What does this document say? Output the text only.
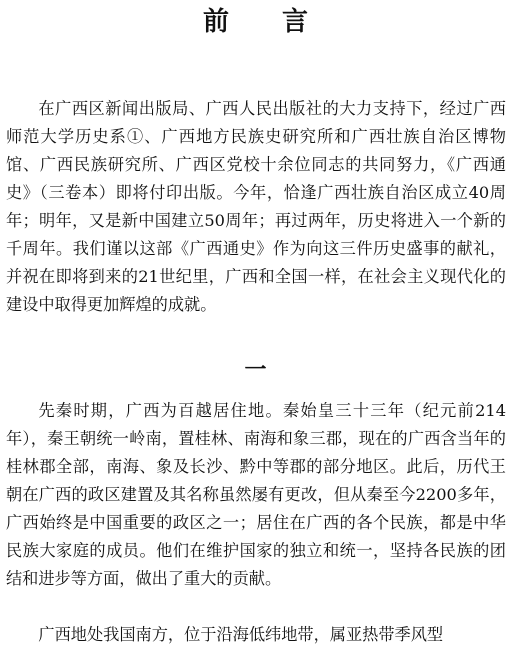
前 言

在广西区新闻出版局、广西人民出版社的大力支持下，经过广西师范大学历史系①、广西地方民族史研究所和广西壮族自治区博物馆、广西民族研究所、广西区党校十余位同志的共同努力，《广西通史》（三卷本）即将付印出版。今年，恰逢广西壮族自治区成立40周年；明年，又是新中国建立50周年；再过两年，历史将进入一个新的千周年。我们谨以这部《广西通史》作为向这三件历史盛事的献礼，并祝在即将到来的21世纪里，广西和全国一样，在社会主义现代化的建设中取得更加辉煌的成就。

一

先秦时期，广西为百越居住地。秦始皇三十三年（纪元前214年），秦王朝统一岭南，置桂林、南海和象三郡，现在的广西含当年的桂林郡全部，南海、象及长沙、黔中等郡的部分地区。此后，历代王朝在广西的政区建置及其名称虽然屡有更改，但从秦至今2200多年，广西始终是中国重要的政区之一；居住在广西的各个民族，都是中华民族大家庭的成员。他们在维护国家的独立和统一，坚持各民族的团结和进步等方面，做出了重大的贡献。

广西地处我国南方，位于沿海低纬地带，属亚热带季风型
